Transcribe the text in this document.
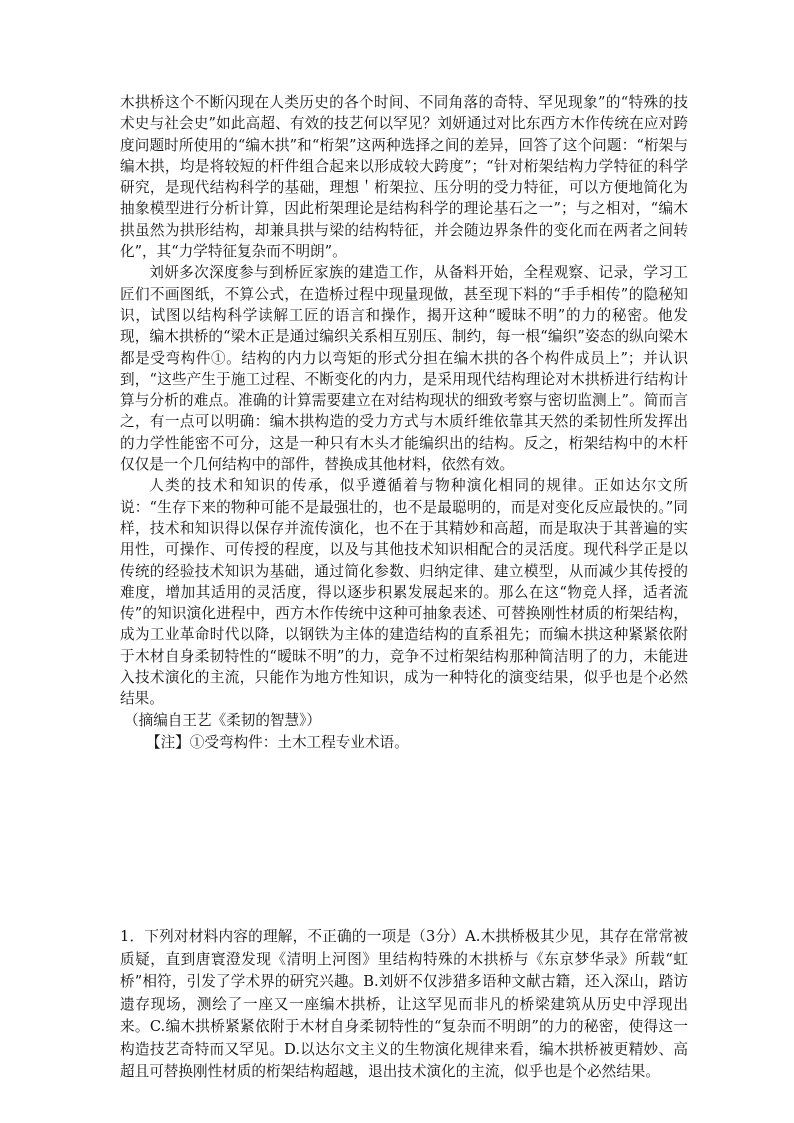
木拱桥这个不断闪现在人类历史的各个时间、不同角落的奇特、罕见现象”的“特殊的技术史与社会史”如此高超、有效的技艺何以罕见？刘妍通过对比东西方木作传统在应对跨度问题时所使用的“编木拱”和“桁架”这两种选择之间的差异，回答了这个问题：“桁架与编木拱，均是将较短的杆件组合起来以形成较大跨度”；“针对桁架结构力学特征的科学研究，是现代结构科学的基础，理想＇桁架拉、压分明的受力特征，可以方便地简化为抽象模型进行分析计算，因此桁架理论是结构科学的理论基石之一”；与之相对，“编木拱虽然为拱形结构，却兼具拱与梁的结构特征，并会随边界条件的变化而在两者之间转化”，其“力学特征复杂而不明朗”。

刘妍多次深度参与到桥匠家族的建造工作，从备料开始，全程观察、记录，学习工匠们不画图纸，不算公式，在造桥过程中现量现做，甚至现下料的“手手相传”的隐秘知识，试图以结构科学读解工匠的语言和操作，揭开这种“暧昧不明”的力的秘密。他发现，编木拱桥的“梁木正是通过编织关系相互别压、制约，每一根“编织”姿态的纵向梁木都是受弯构件①。结构的内力以弯矩的形式分担在编木拱的各个构件成员上”；并认识到，“这些产生于施工过程、不断变化的内力，是采用现代结构理论对木拱桥进行结构计算与分析的难点。准确的计算需要建立在对结构现状的细致考察与密切监测上”。简而言之，有一点可以明确：编木拱构造的受力方式与木质纤维依靠其天然的柔韧性所发挥出的力学性能密不可分，这是一种只有木头才能编织出的结构。反之，桁架结构中的木杆仅仅是一个几何结构中的部件，替换成其他材料，依然有效。

人类的技术和知识的传承，似乎遵循着与物种演化相同的规律。正如达尔文所说：“生存下来的物种可能不是最强壮的，也不是最聪明的，而是对变化反应最快的。”同样，技术和知识得以保存并流传演化，也不在于其精妙和高超，而是取决于其普遍的实用性，可操作、可传授的程度，以及与其他技术知识相配合的灵活度。现代科学正是以传统的经验技术知识为基础，通过简化参数、归纳定律、建立模型，从而减少其传授的难度，增加其适用的灵活度，得以逐步积累发展起来的。那么在这“物竞人择，适者流传”的知识演化进程中，西方木作传统中这种可抽象表述、可替换刚性材质的桁架结构，成为工业革命时代以降，以钢铁为主体的建造结构的直系祖先；而编木拱这种紧紧依附于木材自身柔韧特性的“暧昧不明”的力，竞争不过桁架结构那种简洁明了的力，未能进入技术演化的主流，只能作为地方性知识，成为一种特化的演变结果，似乎也是个必然结果。

（摘编自王艺《柔韧的智慧》）

【注】①受弯构件：土木工程专业术语。

1．下列对材料内容的理解，不正确的一项是（3分）A.木拱桥极其少见，其存在常常被质疑，直到唐寰澄发现《清明上河图》里结构特殊的木拱桥与《东京梦华录》所载“虹桥”相符，引发了学术界的研究兴趣。B.刘妍不仅涉猎多语种文献古籍，还入深山，踏访遗存现场，测绘了一座又一座编木拱桥，让这罕见而非凡的桥梁建筑从历史中浮现出来。C.编木拱桥紧紧依附于木材自身柔韧特性的“复杂而不明朗”的力的秘密，使得这一构造技艺奇特而又罕见。D.以达尔文主义的生物演化规律来看，编木拱桥被更精妙、高超且可替换刚性材质的桁架结构超越，退出技术演化的主流，似乎也是个必然结果。
